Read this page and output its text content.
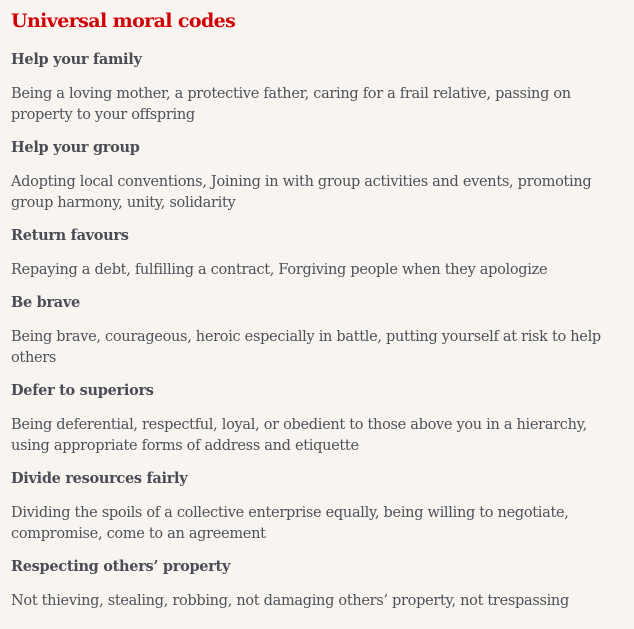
Universal moral codes
Help your family

Being a loving mother, a protective father, caring for a frail relative, passing on property to your offspring

Help your group

Adopting local conventions, Joining in with group activities and events, promoting group harmony, unity, solidarity

Return favours

Repaying a debt, fulfilling a contract, Forgiving people when they apologize

Be brave

Being brave, courageous, heroic especially in battle, putting yourself at risk to help others

Defer to superiors

Being deferential, respectful, loyal, or obedient to those above you in a hierarchy, using appropriate forms of address and etiquette

Divide resources fairly

Dividing the spoils of a collective enterprise equally, being willing to negotiate, compromise, come to an agreement

Respecting others’ property

Not thieving, stealing, robbing, not damaging others’ property, not trespassing
